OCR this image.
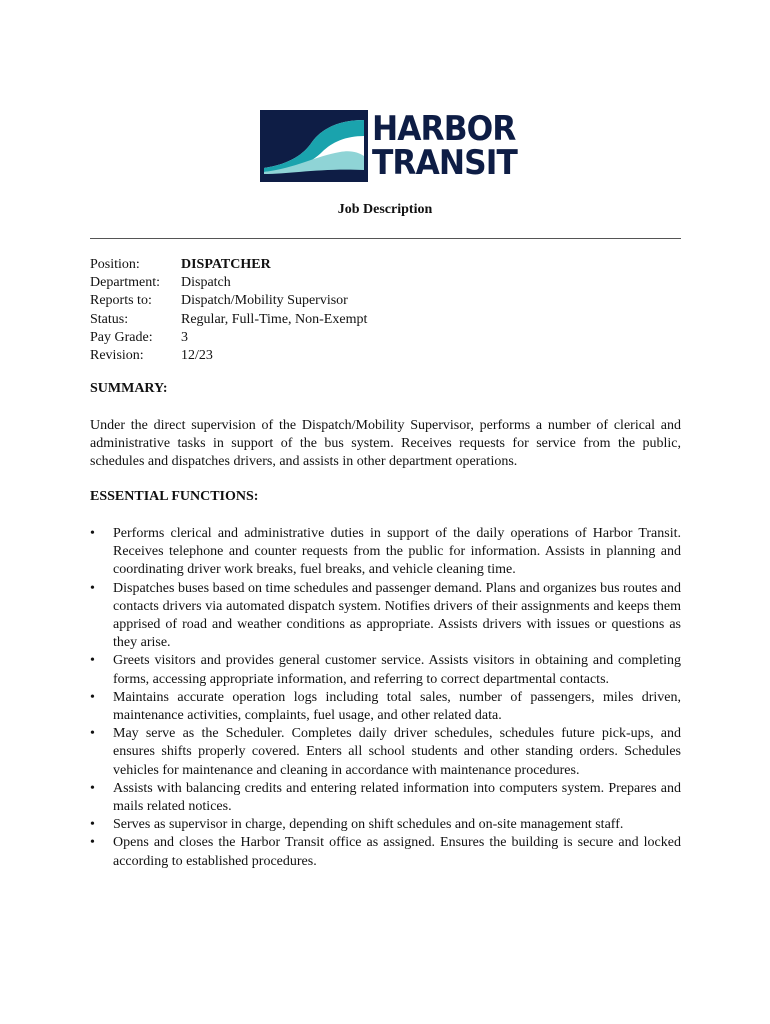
HARBOR
TRANSIT
Job Description
Position:	DISPATCHER
Department:	Dispatch
Reports to:	Dispatch/Mobility Supervisor
Status:	Regular, Full-Time, Non-Exempt
Pay Grade:	3
Revision:	12/23
SUMMARY:
Under the direct supervision of the Dispatch/Mobility Supervisor, performs a number of clerical and administrative tasks in support of the bus system. Receives requests for service from the public, schedules and dispatches drivers, and assists in other department operations.
ESSENTIAL FUNCTIONS:
• Performs clerical and administrative duties in support of the daily operations of Harbor Transit. Receives telephone and counter requests from the public for information. Assists in planning and coordinating driver work breaks, fuel breaks, and vehicle cleaning time.
• Dispatches buses based on time schedules and passenger demand. Plans and organizes bus routes and contacts drivers via automated dispatch system. Notifies drivers of their assignments and keeps them apprised of road and weather conditions as appropriate. Assists drivers with issues or questions as they arise.
• Greets visitors and provides general customer service. Assists visitors in obtaining and completing forms, accessing appropriate information, and referring to correct departmental contacts.
• Maintains accurate operation logs including total sales, number of passengers, miles driven, maintenance activities, complaints, fuel usage, and other related data.
• May serve as the Scheduler. Completes daily driver schedules, schedules future pick-ups, and ensures shifts properly covered. Enters all school students and other standing orders. Schedules vehicles for maintenance and cleaning in accordance with maintenance procedures.
• Assists with balancing credits and entering related information into computers system. Prepares and mails related notices.
• Serves as supervisor in charge, depending on shift schedules and on-site management staff.
• Opens and closes the Harbor Transit office as assigned. Ensures the building is secure and locked according to established procedures.
